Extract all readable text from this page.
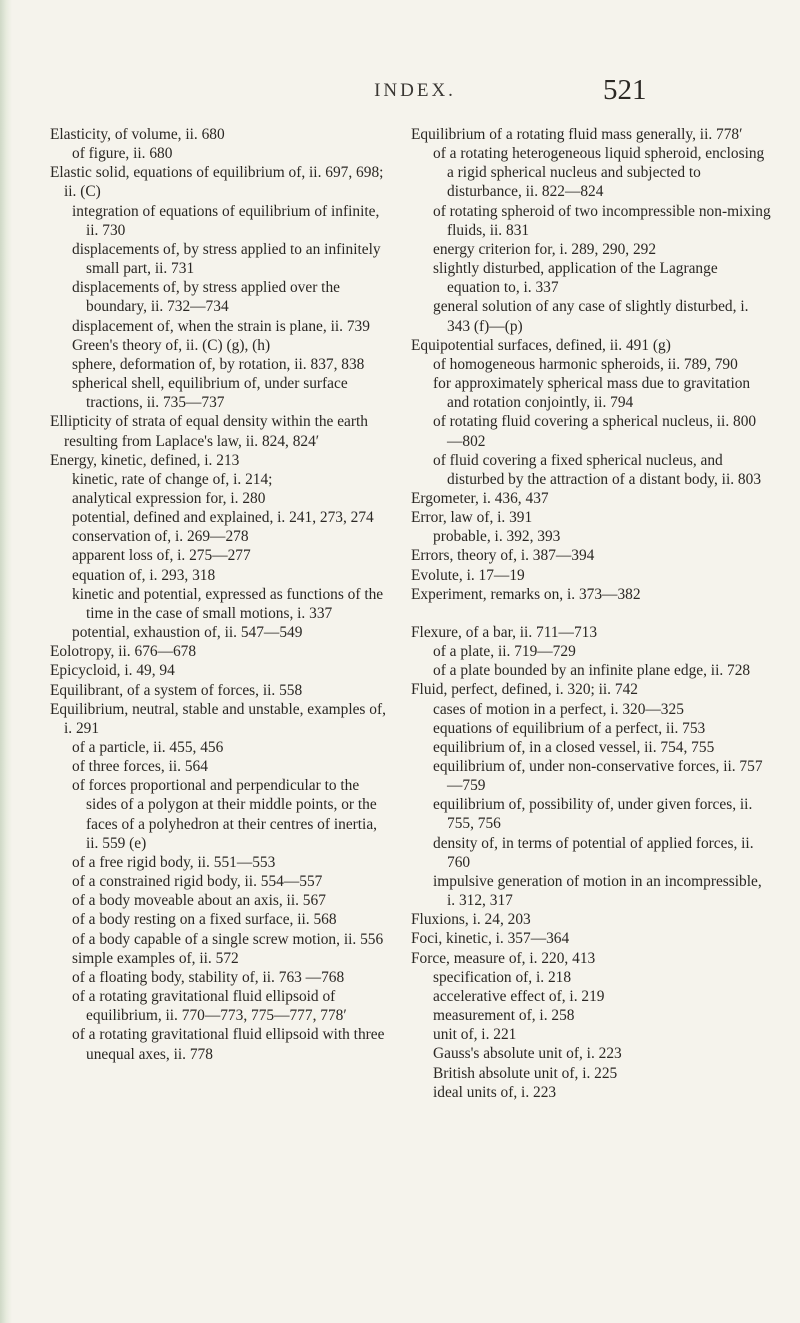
INDEX.	521
Elasticity, of volume, ii. 680
of figure, ii. 680
Elastic solid, equations of equilibrium of, ii. 697, 698; ii. (C)
integration of equations of equilibrium of infinite, ii. 730
displacements of, by stress applied to an infinitely small part, ii. 731
displacements of, by stress applied over the boundary, ii. 732—734
displacement of, when the strain is plane, ii. 739
Green's theory of, ii. (C) (g), (h)
sphere, deformation of, by rotation, ii. 837, 838
spherical shell, equilibrium of, under surface tractions, ii. 735—737
Ellipticity of strata of equal density within the earth resulting from Laplace's law, ii. 824, 824′
Energy, kinetic, defined, i. 213
kinetic, rate of change of, i. 214;
analytical expression for, i. 280
potential, defined and explained, i. 241, 273, 274
conservation of, i. 269—278
apparent loss of, i. 275—277
equation of, i. 293, 318
kinetic and potential, expressed as functions of the time in the case of small motions, i. 337
potential, exhaustion of, ii. 547—549
Eolotropy, ii. 676—678
Epicycloid, i. 49, 94
Equilibrant, of a system of forces, ii. 558
Equilibrium, neutral, stable and unstable, examples of, i. 291
of a particle, ii. 455, 456
of three forces, ii. 564
of forces proportional and perpendicular to the sides of a polygon at their middle points, or the faces of a polyhedron at their centres of inertia, ii. 559 (e)
of a free rigid body, ii. 551—553
of a constrained rigid body, ii. 554—557
of a body moveable about an axis, ii. 567
of a body resting on a fixed surface, ii. 568
of a body capable of a single screw motion, ii. 556
simple examples of, ii. 572
of a floating body, stability of, ii. 763 —768
of a rotating gravitational fluid ellipsoid of equilibrium, ii. 770—773, 775—777, 778′
of a rotating gravitational fluid ellipsoid with three unequal axes, ii. 778
Equilibrium of a rotating fluid mass generally, ii. 778′
of a rotating heterogeneous liquid spheroid, enclosing a rigid spherical nucleus and subjected to disturbance, ii. 822—824
of rotating spheroid of two incompressible non-mixing fluids, ii. 831
energy criterion for, i. 289, 290, 292
slightly disturbed, application of the Lagrange equation to, i. 337
general solution of any case of slightly disturbed, i. 343 (f)—(p)
Equipotential surfaces, defined, ii. 491 (g)
of homogeneous harmonic spheroids, ii. 789, 790
for approximately spherical mass due to gravitation and rotation conjointly, ii. 794
of rotating fluid covering a spherical nucleus, ii. 800—802
of fluid covering a fixed spherical nucleus, and disturbed by the attraction of a distant body, ii. 803
Ergometer, i. 436, 437
Error, law of, i. 391
probable, i. 392, 393
Errors, theory of, i. 387—394
Evolute, i. 17—19
Experiment, remarks on, i. 373—382
Flexure, of a bar, ii. 711—713
of a plate, ii. 719—729
of a plate bounded by an infinite plane edge, ii. 728
Fluid, perfect, defined, i. 320; ii. 742
cases of motion in a perfect, i. 320—325
equations of equilibrium of a perfect, ii. 753
equilibrium of, in a closed vessel, ii. 754, 755
equilibrium of, under non-conservative forces, ii. 757—759
equilibrium of, possibility of, under given forces, ii. 755, 756
density of, in terms of potential of applied forces, ii. 760
impulsive generation of motion in an incompressible, i. 312, 317
Fluxions, i. 24, 203
Foci, kinetic, i. 357—364
Force, measure of, i. 220, 413
specification of, i. 218
accelerative effect of, i. 219
measurement of, i. 258
unit of, i. 221
Gauss's absolute unit of, i. 223
British absolute unit of, i. 225
ideal units of, i. 223
